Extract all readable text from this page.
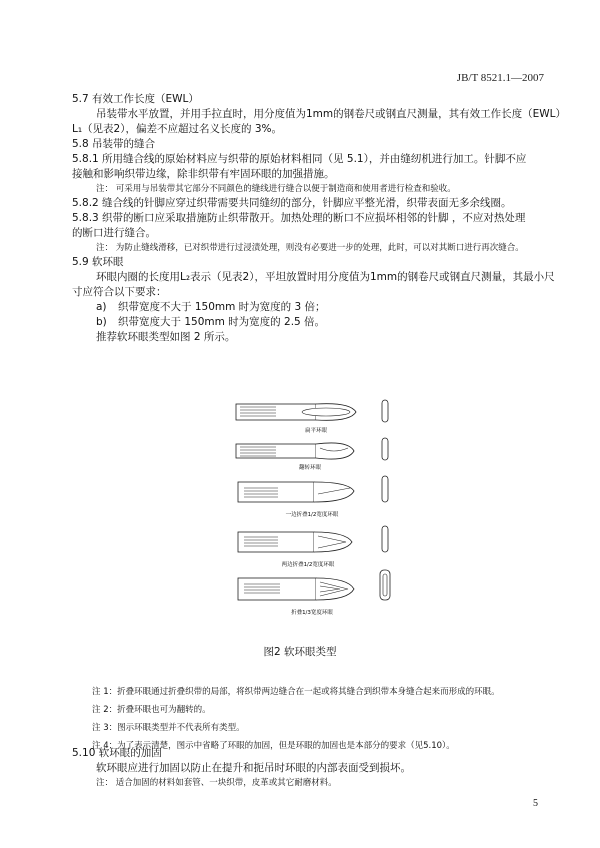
JB/T 8521.1—2007
5.7 有效工作长度（EWL）
吊装带水平放置，并用手拉直时，用分度值为1mm的钢卷尺或钢直尺测量，其有效工作长度（EWL）
L₁（见表2），偏差不应超过名义长度的 3%。
5.8 吊装带的缝合
5.8.1 所用缝合线的原始材料应与织带的原始材料相同（见 5.1），并由缝纫机进行加工。针脚不应
接触和影响织带边缘，除非织带有牢固环眼的加强措施。
注： 可采用与吊装带其它部分不同颜色的缝线进行缝合以便于制造商和使用者进行检查和验收。
5.8.2 缝合线的针脚应穿过织带需要共同缝纫的部分，针脚应平整光滑，织带表面无多余线圈。
5.8.3 织带的断口应采取措施防止织带散开。加热处理的断口不应损坏相邻的针脚 ，不应对热处理
的断口进行缝合。
注： 为防止缝线滑移，已对织带进行过浸渍处理，则没有必要进一步的处理，此时，可以对其断口进行再次缝合。
5.9 软环眼
环眼内圈的长度用L₂表示（见表2），平坦放置时用分度值为1mm的钢卷尺或钢直尺测量，其最小尺
寸应符合以下要求：
a) 织带宽度不大于 150mm 时为宽度的 3 倍；
b) 织带宽度大于 150mm 时为宽度的 2.5 倍。
推荐软环眼类型如图 2 所示。
扁平环眼
翻转环眼
一边折叠1/2宽度环眼
两边折叠1/2宽度环眼
折叠1/3宽度环眼
图2 软环眼类型
注 1：折叠环眼通过折叠织带的局部，将织带两边缝合在一起或将其缝合到织带本身缝合起来而形成的环眼。
注 2：折叠环眼也可为翻转的。
注 3：图示环眼类型并不代表所有类型。
注 4：为了表示清楚，图示中省略了环眼的加固，但是环眼的加固也是本部分的要求（见5.10）。
5.10 软环眼的加固
软环眼应进行加固以防止在提升和扼吊时环眼的内部表面受到损坏。
注： 适合加固的材料如套管、一块织带，皮革或其它耐磨材料。
5
